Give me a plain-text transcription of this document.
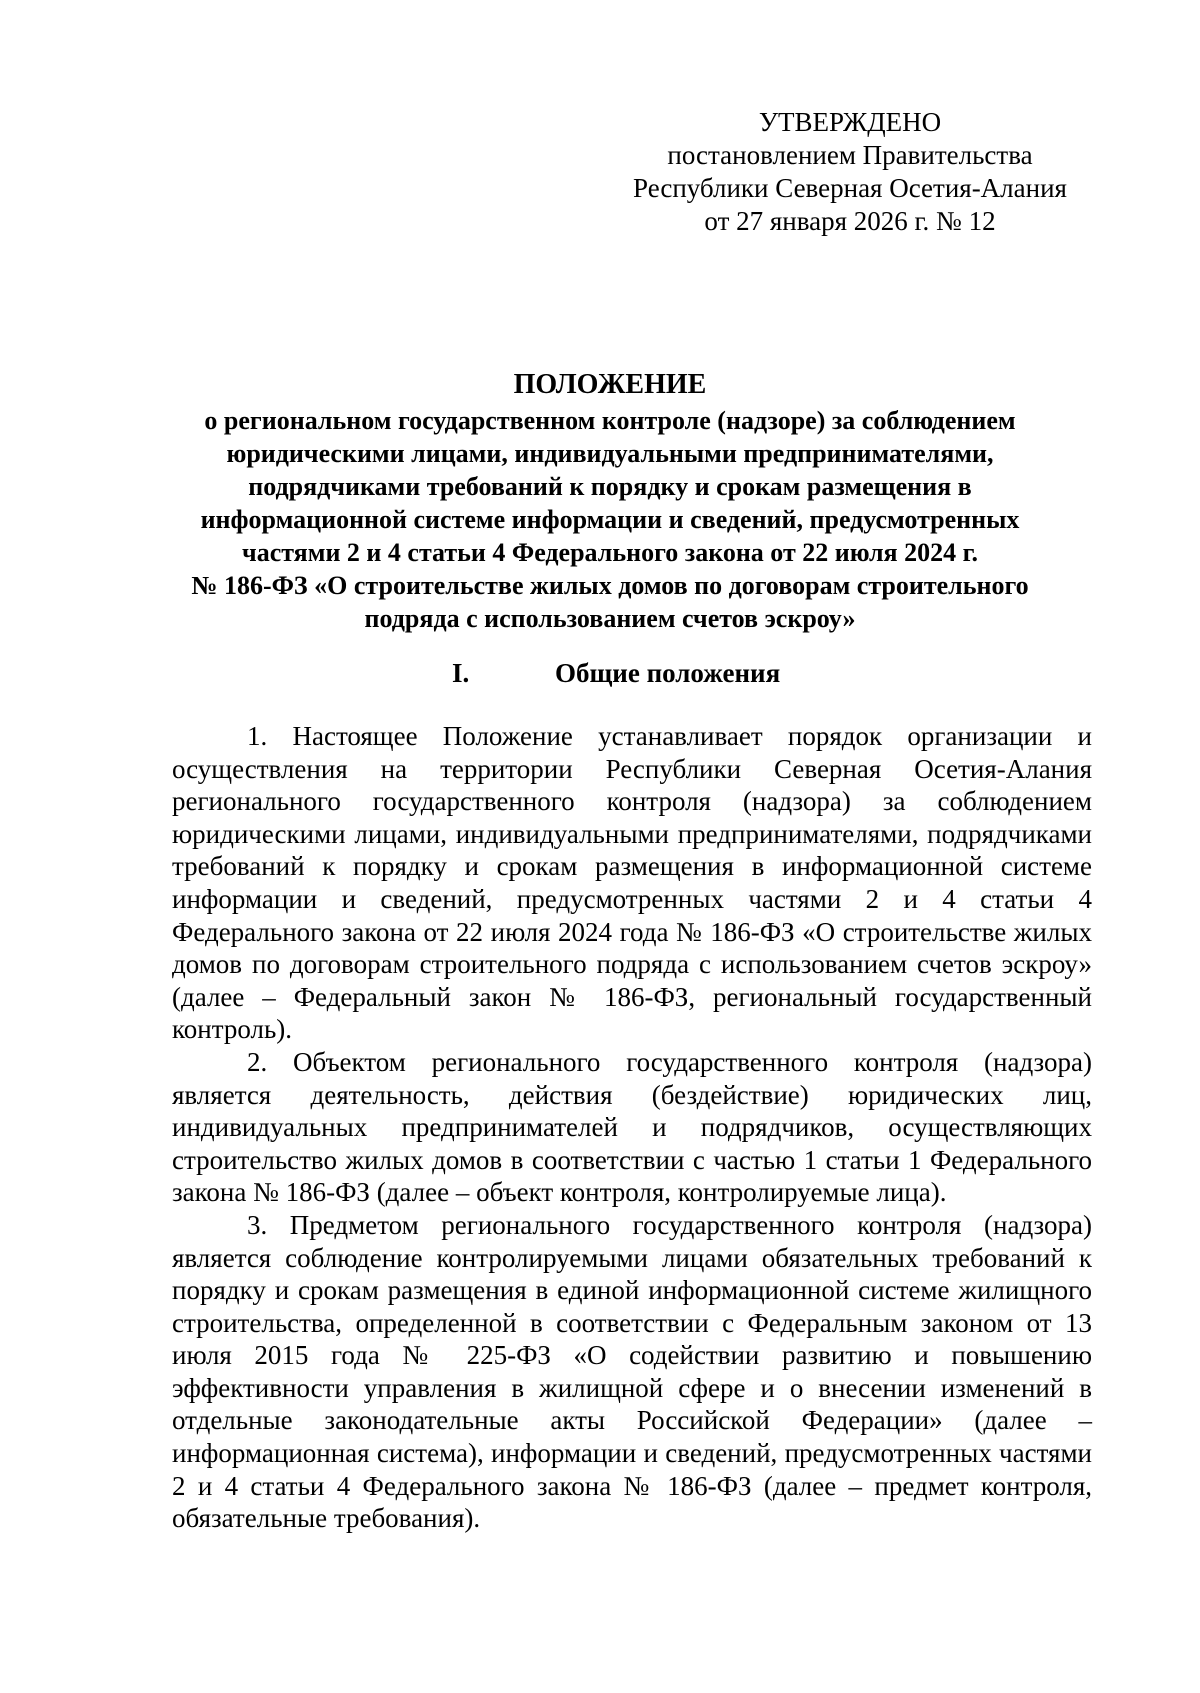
УТВЕРЖДЕНО
постановлением Правительства
Республики Северная Осетия-Алания
от 27 января 2026 г. № 12
ПОЛОЖЕНИЕ
о региональном государственном контроле (надзоре) за соблюдением
юридическими лицами, индивидуальными предпринимателями,
подрядчиками требований к порядку и срокам размещения в
информационной системе информации и сведений, предусмотренных
частями 2 и 4 статьи 4 Федерального закона от 22 июля 2024 г.
№ 186-ФЗ «О строительстве жилых домов по договорам строительного
подряда с использованием счетов эскроу»
I.	Общие положения

1. Настоящее Положение устанавливает порядок организации и осуществления на территории Республики Северная Осетия-Алания регионального государственного контроля (надзора) за соблюдением юридическими лицами, индивидуальными предпринимателями, подрядчиками требований к порядку и срокам размещения в информационной системе информации и сведений, предусмотренных частями 2 и 4 статьи 4 Федерального закона от 22 июля 2024 года № 186-ФЗ «О строительстве жилых домов по договорам строительного подряда с использованием счетов эскроу» (далее – Федеральный закон № 186-ФЗ, региональный государственный контроль).

2. Объектом регионального государственного контроля (надзора) является деятельность, действия (бездействие) юридических лиц, индивидуальных предпринимателей и подрядчиков, осуществляющих строительство жилых домов в соответствии с частью 1 статьи 1 Федерального закона № 186-ФЗ (далее – объект контроля, контролируемые лица).

3. Предметом регионального государственного контроля (надзора) является соблюдение контролируемыми лицами обязательных требований к порядку и срокам размещения в единой информационной системе жилищного строительства, определенной в соответствии с Федеральным законом от 13 июля 2015 года № 225-ФЗ «О содействии развитию и повышению эффективности управления в жилищной сфере и о внесении изменений в отдельные законодательные акты Российской Федерации» (далее – информационная система), информации и сведений, предусмотренных частями 2 и 4 статьи 4 Федерального закона № 186-ФЗ (далее – предмет контроля, обязательные требования).
